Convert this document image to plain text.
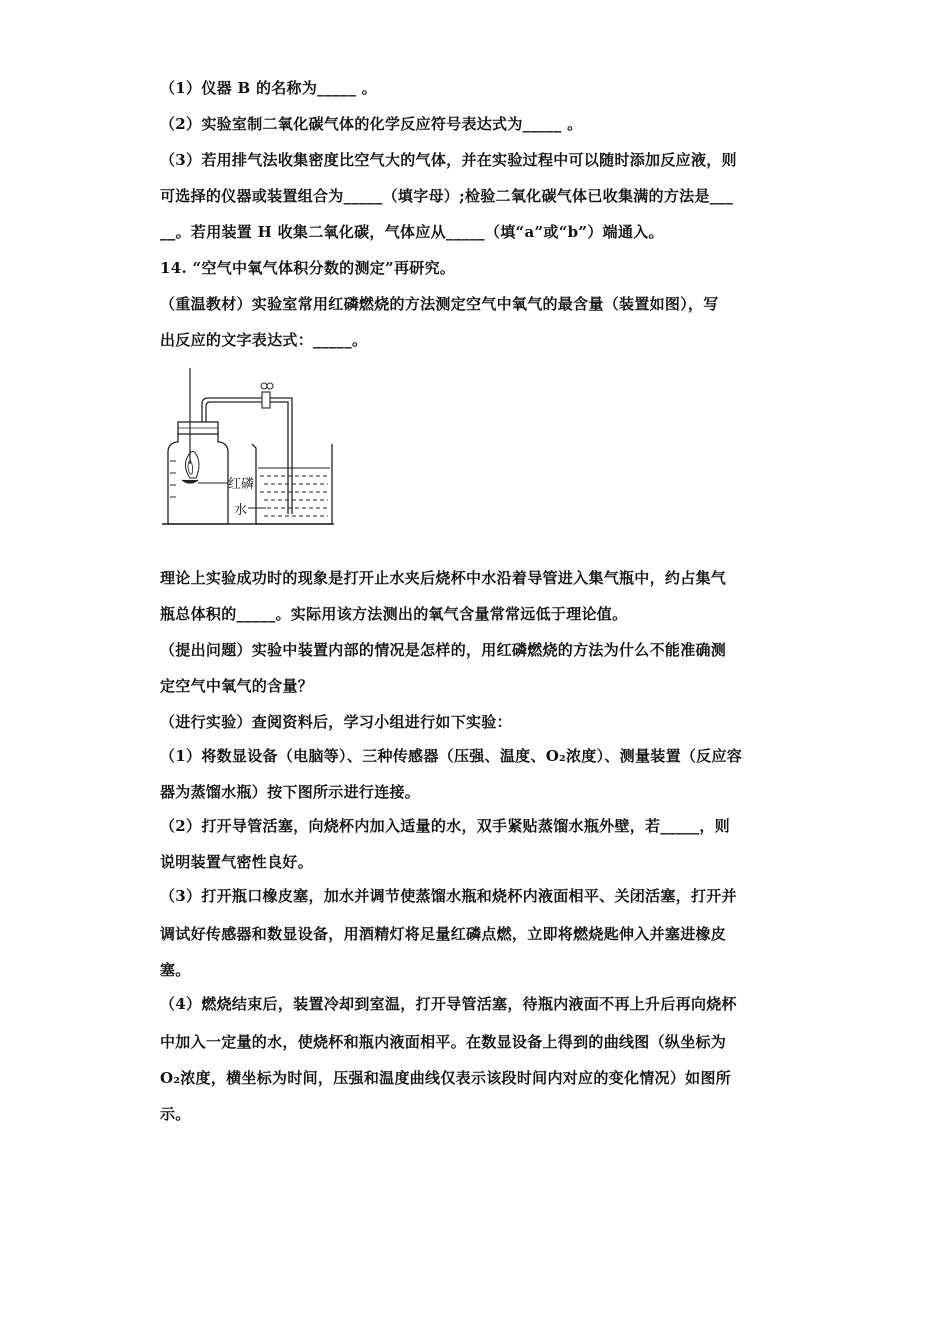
（1）仪器 B 的名称为_____ 。
（2）实验室制二氧化碳气体的化学反应符号表达式为_____ 。
（3）若用排气法收集密度比空气大的气体，并在实验过程中可以随时添加反应液，则
可选择的仪器或装置组合为_____（填字母）;检验二氧化碳气体已收集满的方法是___
__。若用装置 H 收集二氧化碳，气体应从_____（填“a”或“b”）端通入。
14. “空气中氧气体积分数的测定”再研究。
（重温教材）实验室常用红磷燃烧的方法测定空气中氧气的最含量（装置如图），写
出反应的文字表达式：_____。
红磷
水
理论上实验成功时的现象是打开止水夹后烧杯中水沿着导管进入集气瓶中，约占集气
瓶总体积的_____。实际用该方法测出的氧气含量常常远低于理论值。
（提出问题）实验中装置内部的情况是怎样的，用红磷燃烧的方法为什么不能准确测
定空气中氧气的含量？
（进行实验）查阅资料后，学习小组进行如下实验：
（1）将数显设备（电脑等）、三种传感器（压强、温度、O₂浓度）、测量装置（反应容
器为蒸馏水瓶）按下图所示进行连接。
（2）打开导管活塞，向烧杯内加入适量的水，双手紧贴蒸馏水瓶外壁，若_____，则
说明装置气密性良好。
（3）打开瓶口橡皮塞，加水并调节使蒸馏水瓶和烧杯内液面相平、关闭活塞，打开并
调试好传感器和数显设备，用酒精灯将足量红磷点燃，立即将燃烧匙伸入并塞进橡皮
塞。
（4）燃烧结束后，装置冷却到室温，打开导管活塞，待瓶内液面不再上升后再向烧杯
中加入一定量的水，使烧杯和瓶内液面相平。在数显设备上得到的曲线图（纵坐标为
O₂浓度，横坐标为时间，压强和温度曲线仅表示该段时间内对应的变化情况）如图所
示。
